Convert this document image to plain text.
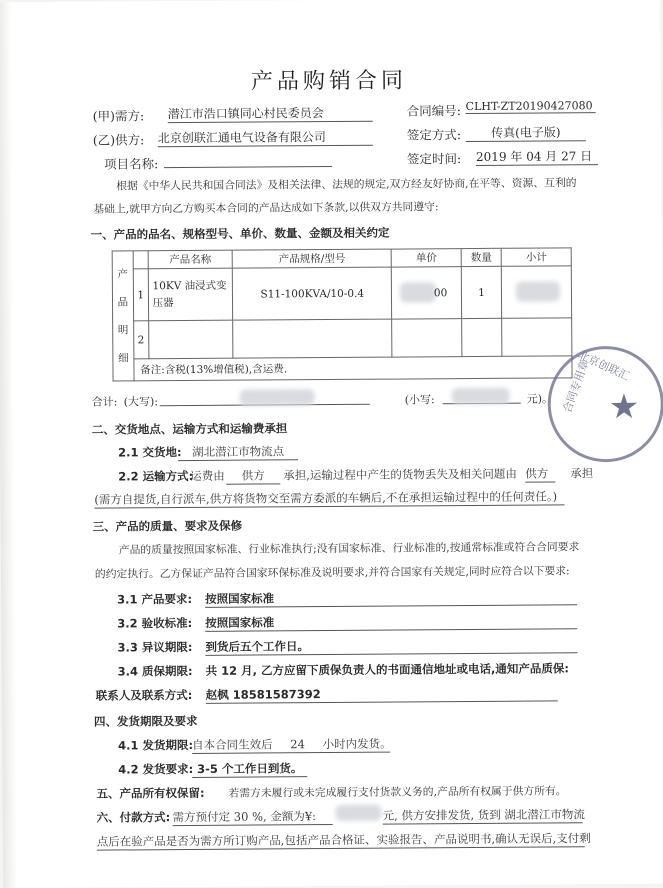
产品购销合同
(甲)需方: 潜江市浩口镇同心村民委员会
(乙)供方: 北京创联汇通电气设备有限公司
项目名称:
合同编号: CLHT-ZT20190427080
签定方式:	传真(电子版)
签定时间: 2019 年 04 月 27 日
根据《中华人民共和国合同法》及相关法律、法规的规定,双方经友好协商,在平等、资源、互利的
基础上,就甲方向乙方购买本合同的产品达成如下条款,以供双方共同遵守:
一、产品的品名、规格型号、单价、数量、金额及相关约定
产
品
明
细		产品名称	产品规格/型号	单价	数量	小计
	1	10KV 油浸式变
压器	S11-100KVA/10-0.4	00	1	

	2					
	备注:含税(13%增值税),含运费.					
合计: (大写):	(小写:	元)。
二、交货地点、运输方式和运输费承担
2.1 交货地: 湖北潜江市物流点
2.2 运输方式:
运费由	供方	承担,运输过程中产生的货物丢失及相关问题由 供方	承担
(需方自提货,自行派车,供方将货物交至需方委派的车辆后,不在承担运输过程中的任何责任。)
三、产品的质量、要求及保修
产品的质量按照国家标准、行业标准执行;没有国家标准、行业标准的,按通常标准或符合合同要求
的约定执行。乙方保证产品符合国家环保标准及说明要求,并符合国家有关规定,同时应符合以下要求:
3.1 产品要求: 按照国家标准
3.2 验收标准: 按照国家标准
3.3 异议期限: 到货后五个工作日。
3.4 质保期限: 共 12 月, 乙方应留下质保负责人的书面通信地址或电话,通知产品质保:
联系人及联系方式: 赵枫 18581587392
四、发货期限及要求
4.1 发货期限:
自本合同生效后 24 小时内发货。
4.2 发货要求: 3-5 个工作日到货。
五、产品所有权保留: 若需方未履行或未完成履行支付货款义务的,产品所有权属于供方所有。
六、付款方式: 需方预付定 30 %, 金额为¥:	元, 供方安排发货, 货到 湖北潜江市物流
点后在验产品是否为需方所订购产品,包括产品合格证、实验报告、产品说明书,确认无误后,支付剩
北京创联汇
合同专用章 ★
